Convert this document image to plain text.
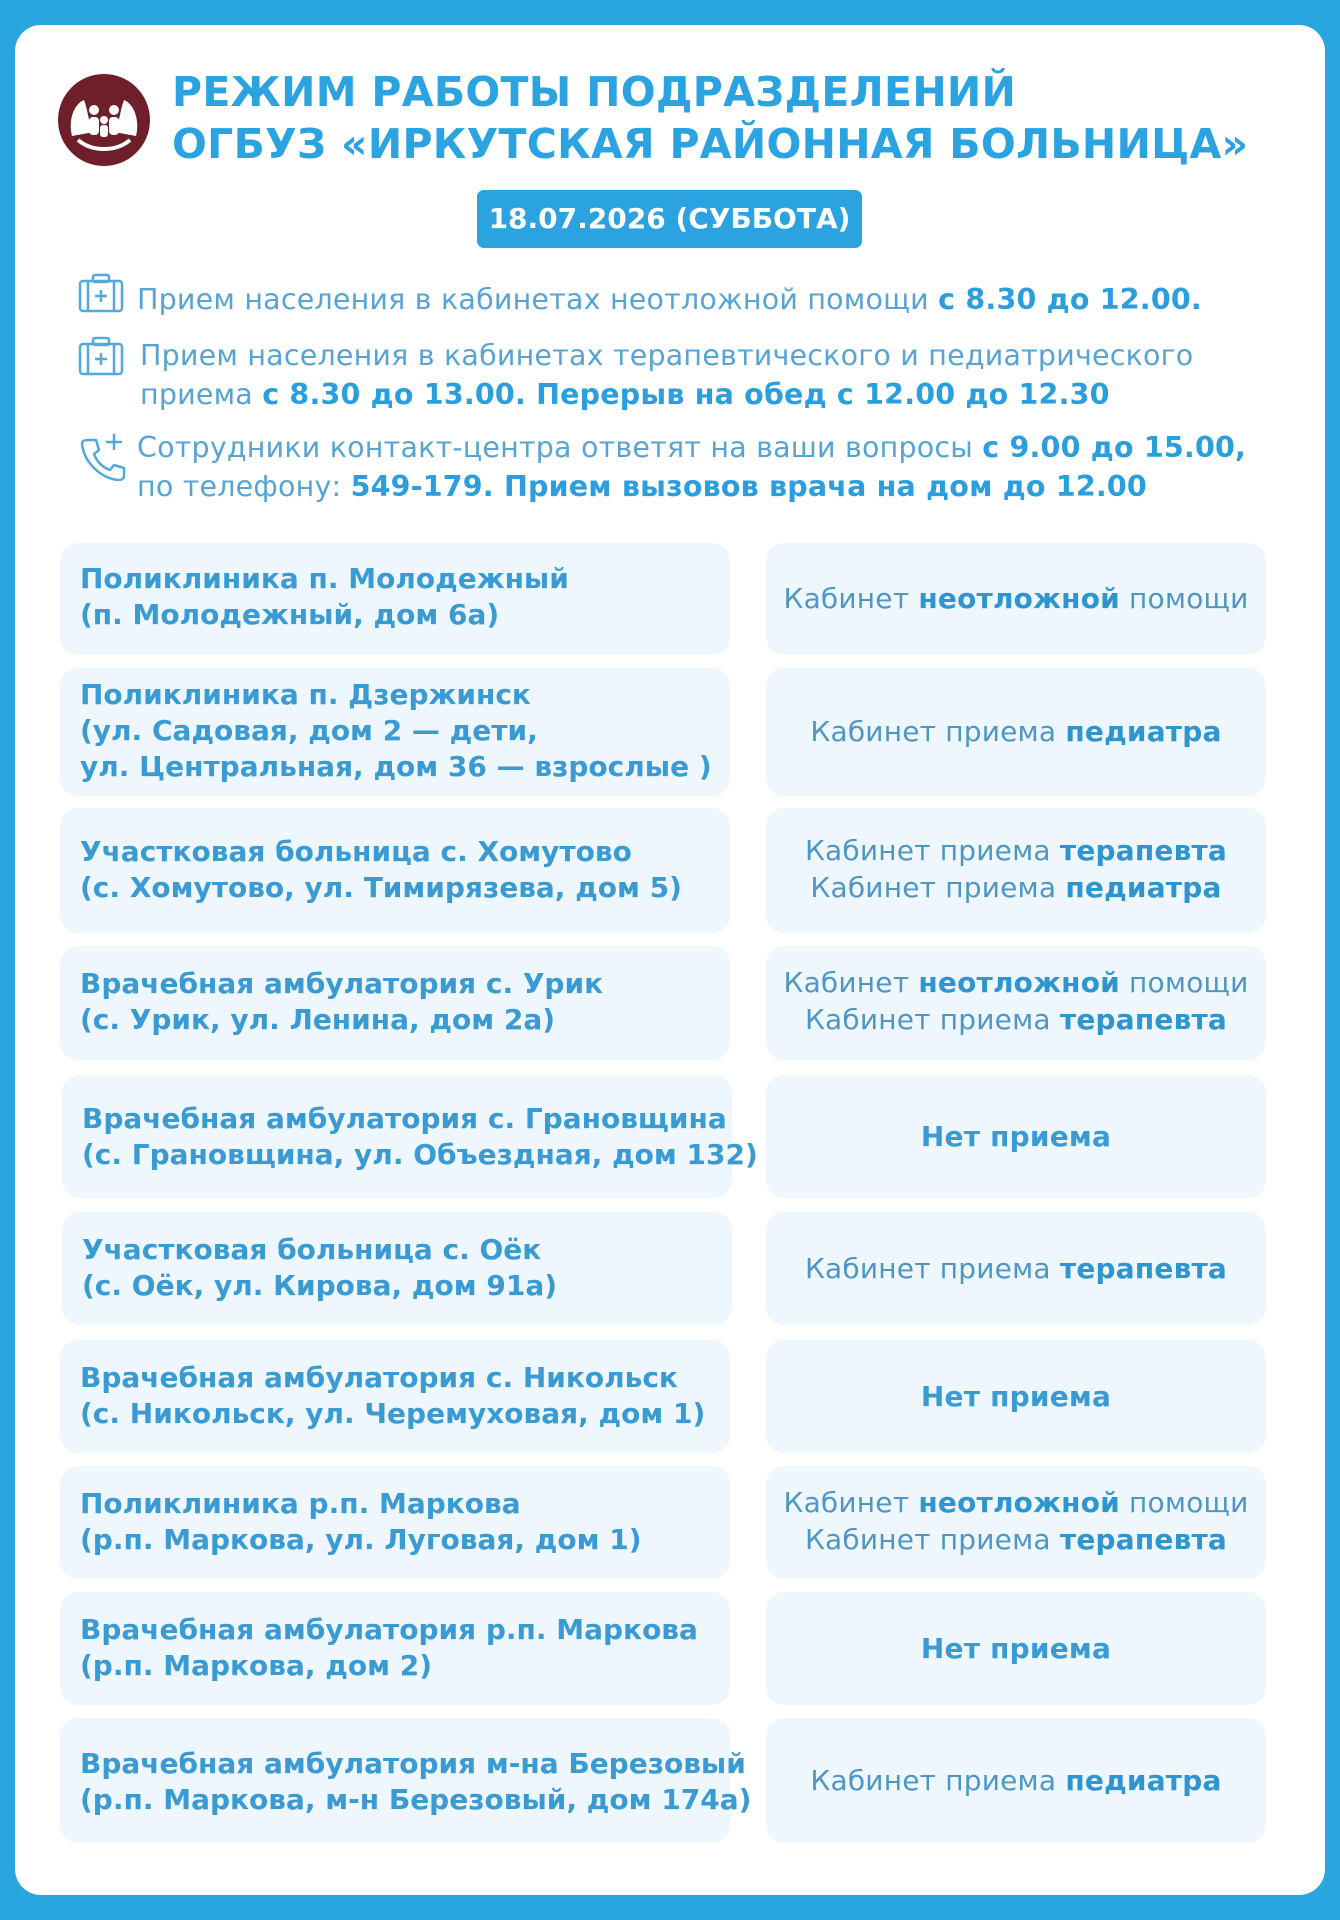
РЕЖИМ РАБОТЫ ПОДРАЗДЕЛЕНИЙ
ОГБУЗ «ИРКУТСКАЯ РАЙОННАЯ БОЛЬНИЦА»
18.07.2026 (СУББОТА)
Прием населения в кабинетах неотложной помощи с 8.30 до 12.00.
Прием населения в кабинетах терапевтического и педиатрического
приема с 8.30 до 13.00. Перерыв на обед с 12.00 до 12.30
Сотрудники контакт-центра ответят на ваши вопросы с 9.00 до 15.00,
по телефону: 549-179. Прием вызовов врача на дом до 12.00
Поликлиника п. Молодежный
(п. Молодежный, дом 6а)	Кабинет неотложной помощи
Поликлиника п. Дзержинск
(ул. Садовая, дом 2 — дети,
ул. Центральная, дом 36 — взрослые )
Кабинет приема педиатра
Участковая больница с. Хомутово
(с. Хомутово, ул. Тимирязева, дом 5)
Кабинет приема терапевта
Кабинет приема педиатра
Врачебная амбулатория с. Урик
(с. Урик, ул. Ленина, дом 2а)
Кабинет неотложной помощи
Кабинет приема терапевта
Врачебная амбулатория с. Грановщина
(с. Грановщина, ул. Объездная, дом 132)
Нет приема
Участковая больница с. Оёк
(с. Оёк, ул. Кирова, дом 91а)
Кабинет приема терапевта
Врачебная амбулатория с. Никольск
(с. Никольск, ул. Черемуховая, дом 1)
Нет приема
Поликлиника р.п. Маркова
(р.п. Маркова, ул. Луговая, дом 1)
Кабинет неотложной помощи
Кабинет приема терапевта
Врачебная амбулатория р.п. Маркова
(р.п. Маркова, дом 2)
Нет приема
Врачебная амбулатория м-на Березовый
(р.п. Маркова, м-н Березовый, дом 174а)
Кабинет приема педиатра
